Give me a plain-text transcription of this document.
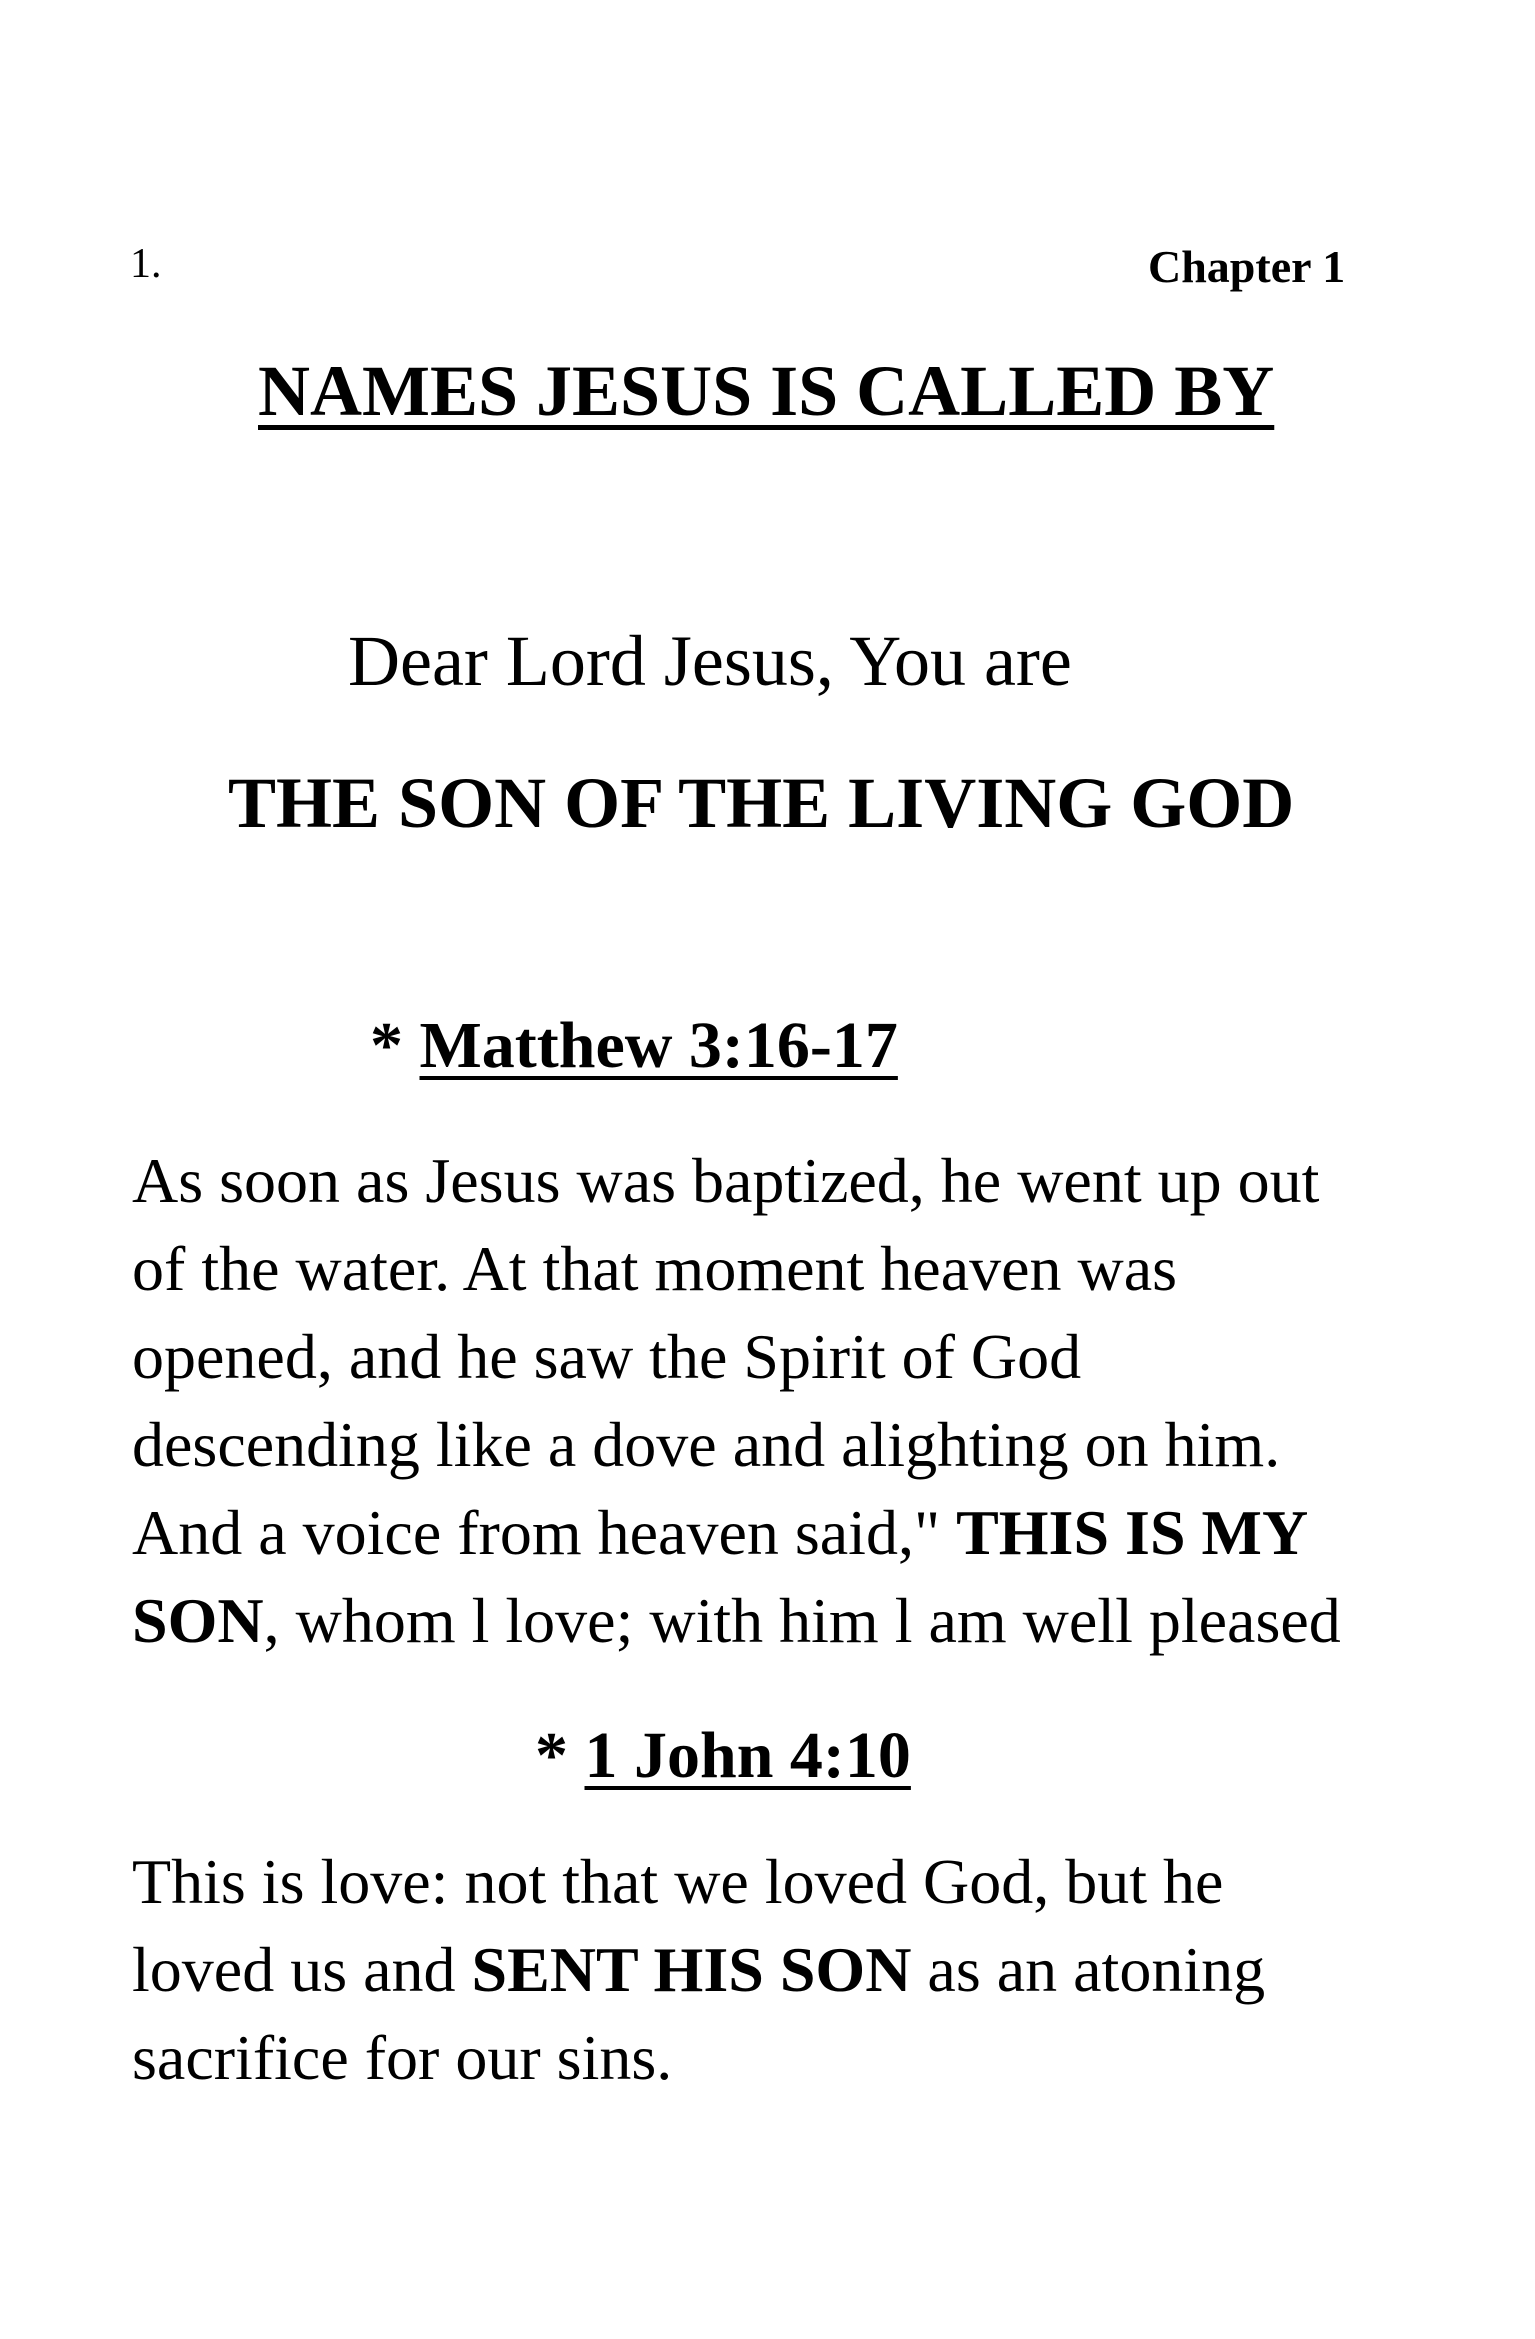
1.	Chapter 1
NAMES JESUS IS CALLED BY
Dear Lord Jesus, You are
THE SON OF THE LIVING GOD
* Matthew 3:16-17
As soon as Jesus was baptized, he went up out
of the water. At that moment heaven was
opened, and he saw the Spirit of God
descending like a dove and alighting on him.
And a voice from heaven said," THIS IS MY
SON, whom l love; with him l am well pleased
* 1 John 4:10
This is love: not that we loved God, but he
loved us and SENT HIS SON as an atoning
sacrifice for our sins.
